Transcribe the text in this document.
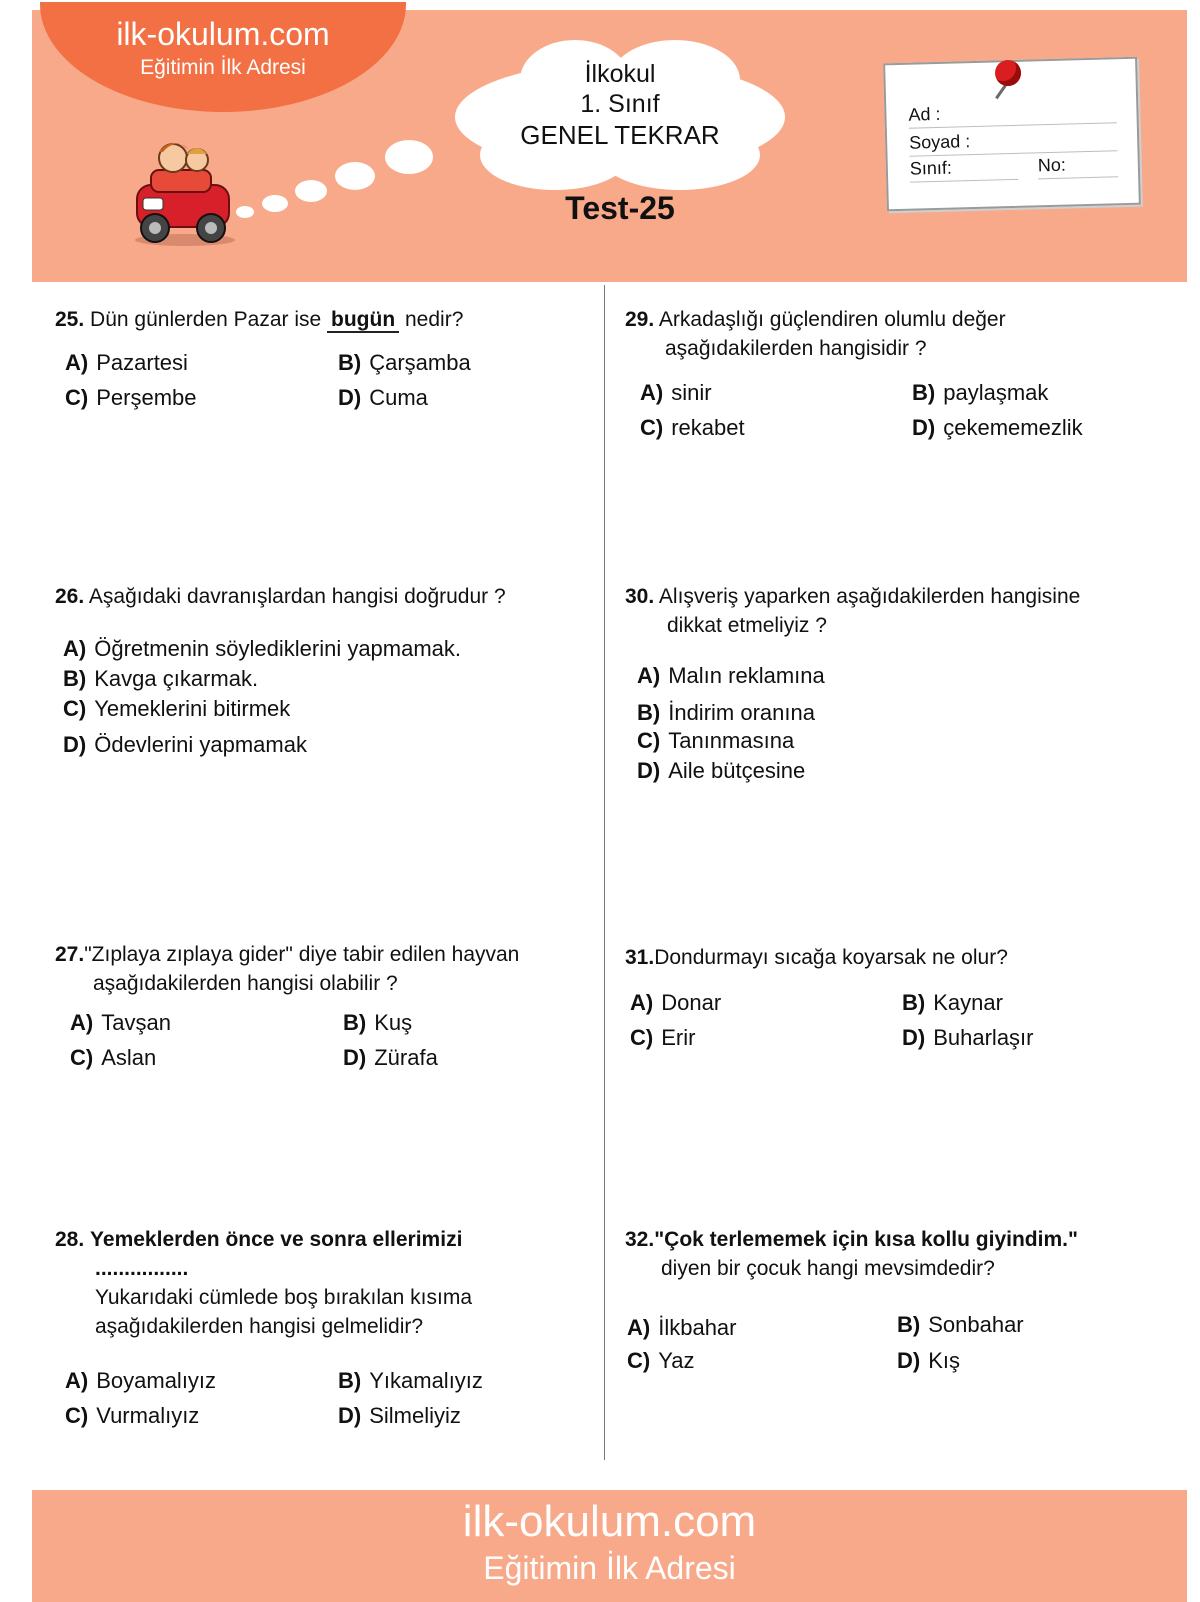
ilk-okulum.com
Eğitimin İlk Adresi	İlkokul
1. Sınıf
GENEL TEKRAR
Test-25
Ad :
Soyad :
Sınıf:	No:
25. Dün günlerden Pazar ise bugün nedir?
A) Pazartesi	B) Çarşamba
C) Perşembe	D) Cuma
26. Aşağıdaki davranışlardan hangisi doğrudur ?
A) Öğretmenin söylediklerini yapmamak.
B) Kavga çıkarmak.
C) Yemeklerini bitirmek
D) Ödevlerini yapmamak
27."Zıplaya zıplaya gider" diye tabir edilen hayvan
aşağıdakilerden hangisi olabilir ?
A) Tavşan	B) Kuş
C) Aslan	D) Zürafa
28. Yemeklerden önce ve sonra ellerimizi
................
Yukarıdaki cümlede boş bırakılan kısıma
aşağıdakilerden hangisi gelmelidir?
A) Boyamalıyız	B) Yıkamalıyız
C) Vurmalıyız	D) Silmeliyiz
29. Arkadaşlığı güçlendiren olumlu değer
aşağıdakilerden hangisidir ?
A) sinir	B) paylaşmak
C) rekabet	D) çekememezlik
30. Alışveriş yaparken aşağıdakilerden hangisine
dikkat etmeliyiz ?
A) Malın reklamına
B) İndirim oranına
C) Tanınmasına
D) Aile bütçesine
31.Dondurmayı sıcağa koyarsak ne olur?
A) Donar	B) Kaynar
C) Erir	D) Buharlaşır
32."Çok terlememek için kısa kollu giyindim."
diyen bir çocuk hangi mevsimdedir?
A) İlkbahar	B) Sonbahar
C) Yaz	D) Kış
ilk-okulum.com
Eğitimin İlk Adresi
